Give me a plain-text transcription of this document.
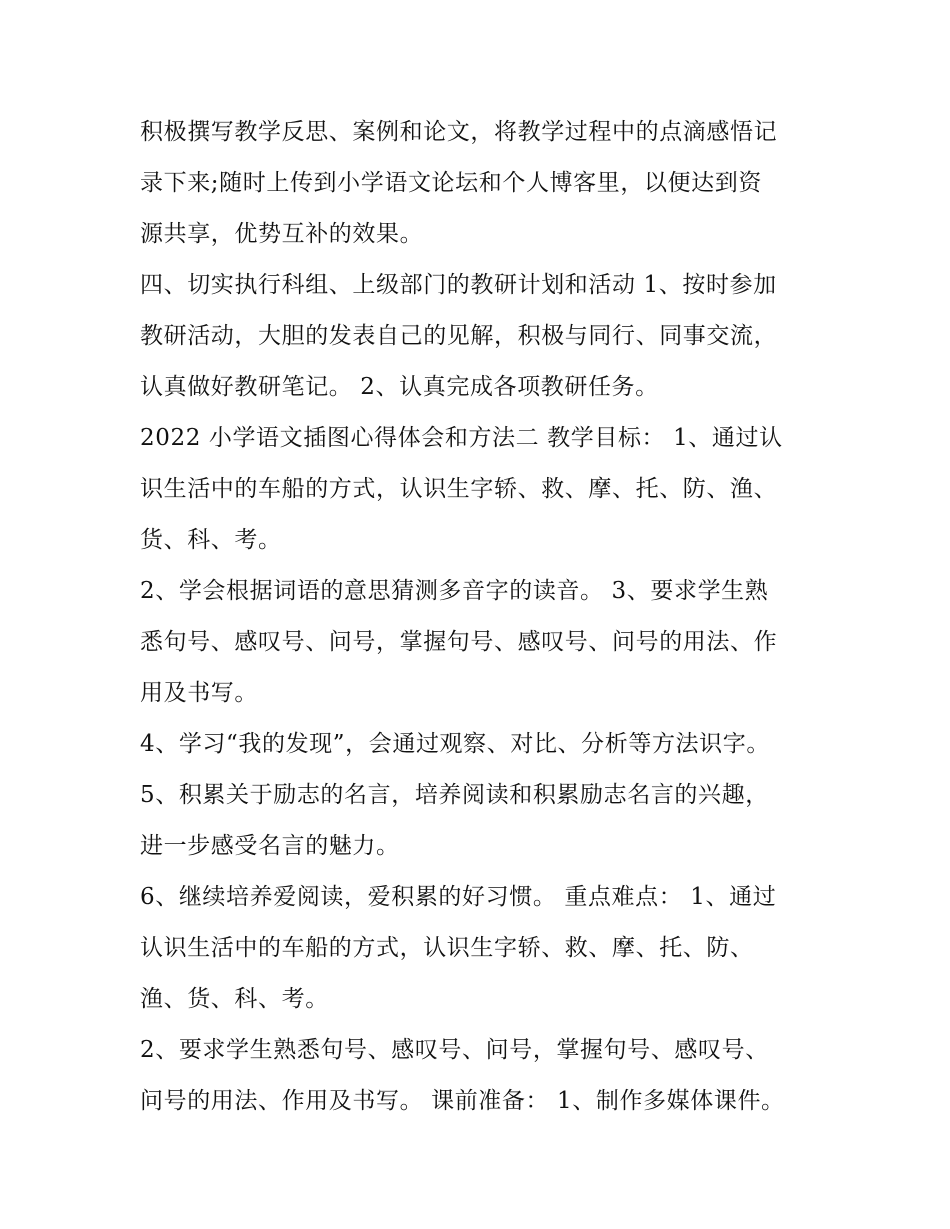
积极撰写教学反思、案例和论文，将教学过程中的点滴感悟记
录下来;随时上传到小学语文论坛和个人博客里，以便达到资
源共享，优势互补的效果。
四、切实执行科组、上级部门的教研计划和活动 1、按时参加
教研活动，大胆的发表自己的见解，积极与同行、同事交流，
认真做好教研笔记。 2、认真完成各项教研任务。
2022 小学语文插图心得体会和方法二 教学目标： 1、通过认
识生活中的车船的方式，认识生字轿、救、摩、托、防、渔、
货、科、考。
2、学会根据词语的意思猜测多音字的读音。 3、要求学生熟
悉句号、感叹号、问号，掌握句号、感叹号、问号的用法、作
用及书写。
4、学习“我的发现”，会通过观察、对比、分析等方法识字。
5、积累关于励志的名言，培养阅读和积累励志名言的兴趣，
进一步感受名言的魅力。
6、继续培养爱阅读，爱积累的好习惯。 重点难点： 1、通过
认识生活中的车船的方式，认识生字轿、救、摩、托、防、
渔、货、科、考。
2、要求学生熟悉句号、感叹号、问号，掌握句号、感叹号、
问号的用法、作用及书写。 课前准备： 1、制作多媒体课件。
